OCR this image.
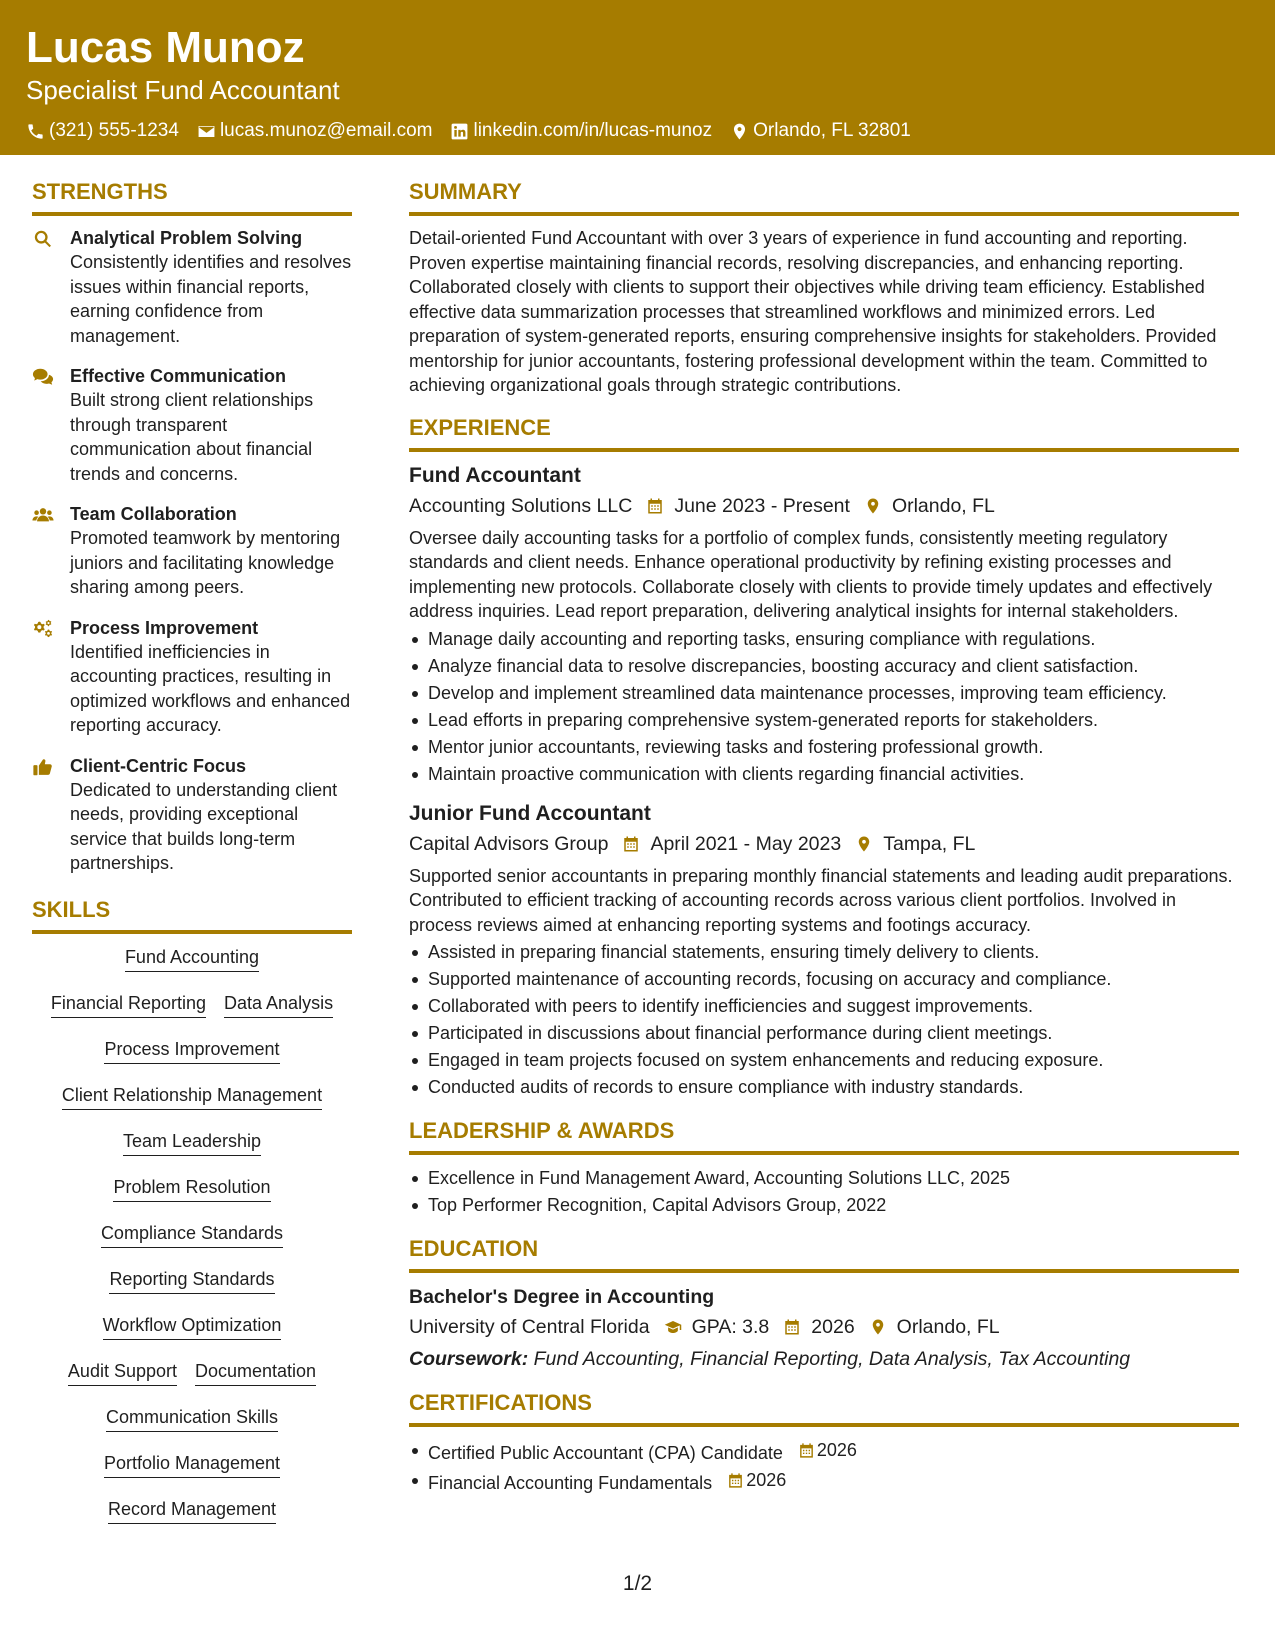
Lucas Munoz
Specialist Fund Accountant
(321) 555-1234 lucas.munoz@email.com linkedin.com/in/lucas-munoz Orlando, FL 32801
STRENGTHS
Analytical Problem Solving
Consistently identifies and resolves issues within financial reports, earning confidence from management.
Effective Communication
Built strong client relationships through transparent communication about financial trends and concerns.
Team Collaboration
Promoted teamwork by mentoring juniors and facilitating knowledge sharing among peers.
Process Improvement
Identified inefficiencies in accounting practices, resulting in optimized workflows and enhanced reporting accuracy.
Client-Centric Focus
Dedicated to understanding client needs, providing exceptional service that builds long-term partnerships.
SKILLS
Fund Accounting
Financial Reporting Data Analysis
Process Improvement
Client Relationship Management
Team Leadership
Problem Resolution
Compliance Standards
Reporting Standards
Workflow Optimization
Audit Support Documentation
Communication Skills
Portfolio Management
Record Management
SUMMARY
Detail-oriented Fund Accountant with over 3 years of experience in fund accounting and reporting. Proven expertise maintaining financial records, resolving discrepancies, and enhancing reporting. Collaborated closely with clients to support their objectives while driving team efficiency. Established effective data summarization processes that streamlined workflows and minimized errors. Led preparation of system-generated reports, ensuring comprehensive insights for stakeholders. Provided mentorship for junior accountants, fostering professional development within the team. Committed to achieving organizational goals through strategic contributions.
EXPERIENCE
Fund Accountant
Accounting Solutions LLC June 2023 - Present Orlando, FL
Oversee daily accounting tasks for a portfolio of complex funds, consistently meeting regulatory standards and client needs. Enhance operational productivity by refining existing processes and implementing new protocols. Collaborate closely with clients to provide timely updates and effectively address inquiries. Lead report preparation, delivering analytical insights for internal stakeholders.
Manage daily accounting and reporting tasks, ensuring compliance with regulations.
Analyze financial data to resolve discrepancies, boosting accuracy and client satisfaction.
Develop and implement streamlined data maintenance processes, improving team efficiency.
Lead efforts in preparing comprehensive system-generated reports for stakeholders.
Mentor junior accountants, reviewing tasks and fostering professional growth.
Maintain proactive communication with clients regarding financial activities.
Junior Fund Accountant
Capital Advisors Group April 2021 - May 2023 Tampa, FL
Supported senior accountants in preparing monthly financial statements and leading audit preparations. Contributed to efficient tracking of accounting records across various client portfolios. Involved in process reviews aimed at enhancing reporting systems and footings accuracy.
Assisted in preparing financial statements, ensuring timely delivery to clients.
Supported maintenance of accounting records, focusing on accuracy and compliance.
Collaborated with peers to identify inefficiencies and suggest improvements.
Participated in discussions about financial performance during client meetings.
Engaged in team projects focused on system enhancements and reducing exposure.
Conducted audits of records to ensure compliance with industry standards.
LEADERSHIP & AWARDS
Excellence in Fund Management Award, Accounting Solutions LLC, 2025
Top Performer Recognition, Capital Advisors Group, 2022
EDUCATION
Bachelor's Degree in Accounting
University of Central Florida GPA: 3.8 2026 Orlando, FL
Coursework: Fund Accounting, Financial Reporting, Data Analysis, Tax Accounting
CERTIFICATIONS
Certified Public Accountant (CPA) Candidate 2026
Financial Accounting Fundamentals 2026
1/2
